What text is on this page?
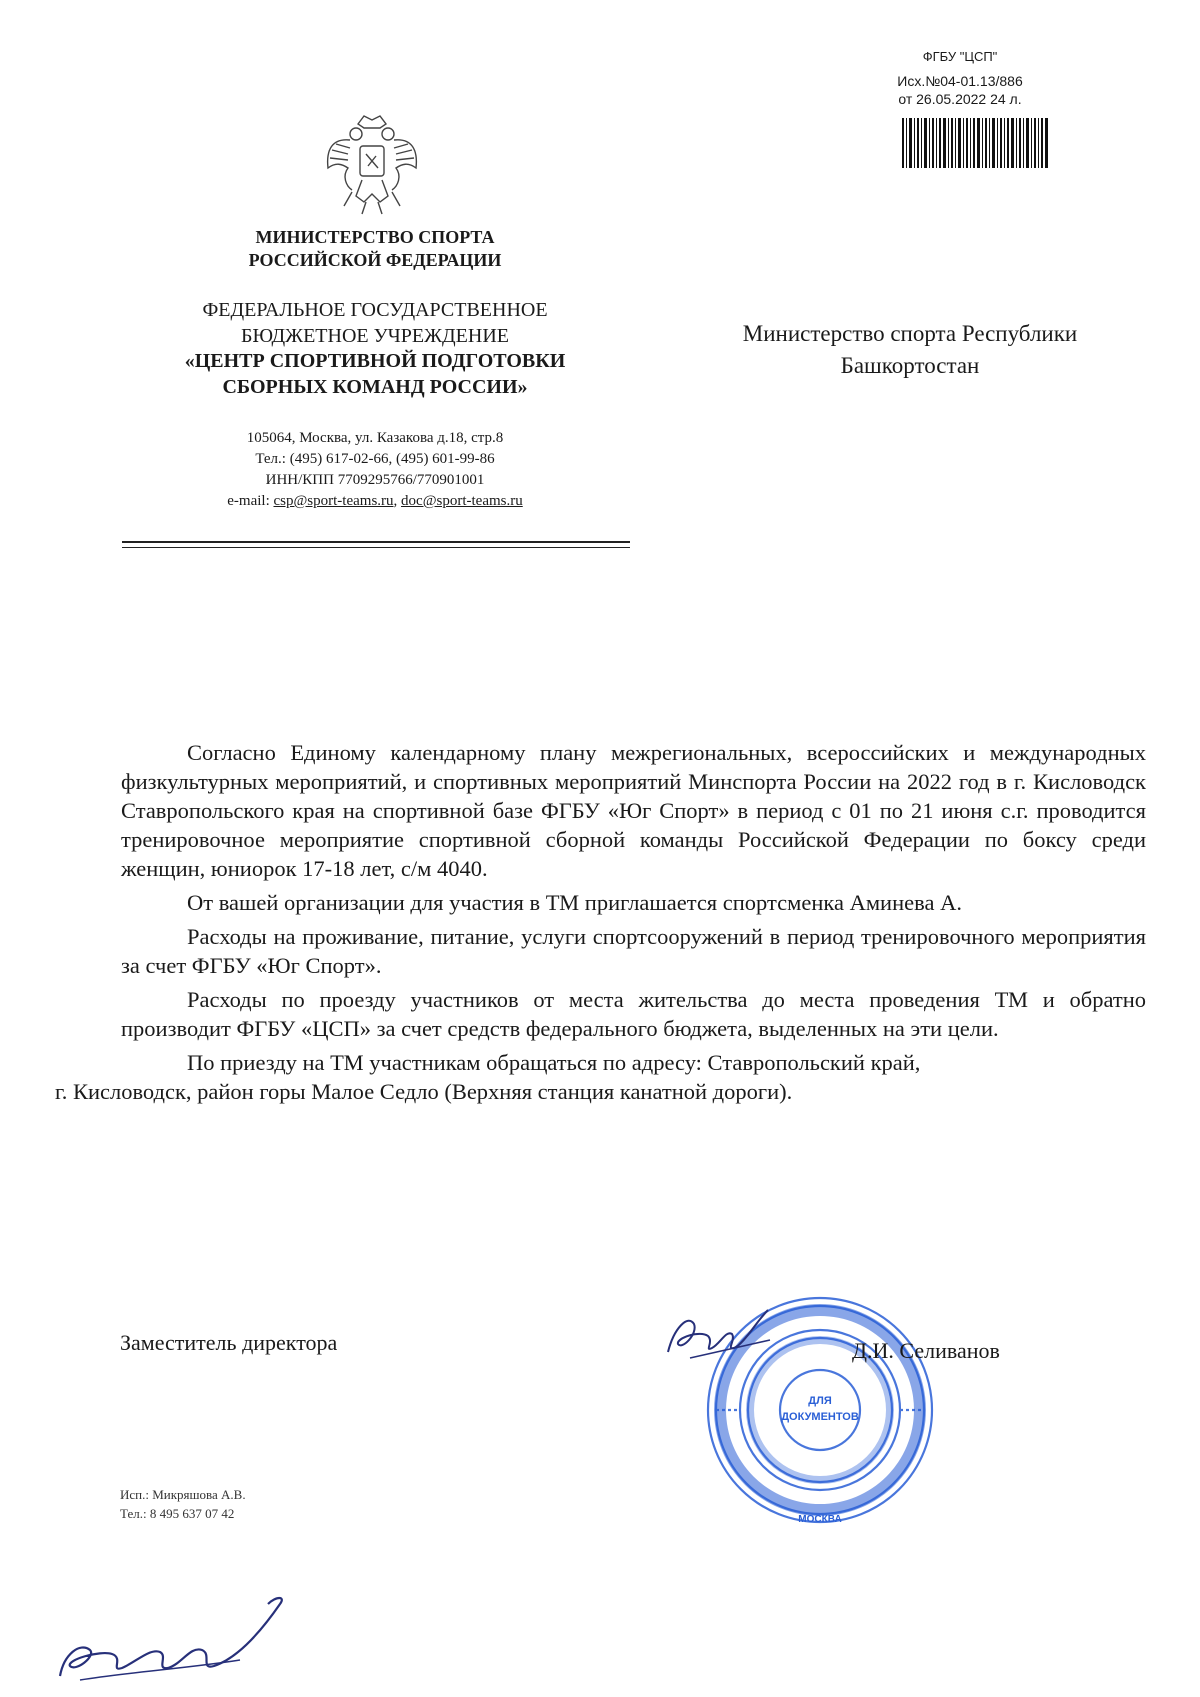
ФГБУ "ЦСП"
Исх.№04-01.13/886
от 26.05.2022 24 л.
МИНИСТЕРСТВО СПОРТА
РОССИЙСКОЙ ФЕДЕРАЦИИ
ФЕДЕРАЛЬНОЕ ГОСУДАРСТВЕННОЕ
БЮДЖЕТНОЕ УЧРЕЖДЕНИЕ
«ЦЕНТР СПОРТИВНОЙ ПОДГОТОВКИ
СБОРНЫХ КОМАНД РОССИИ»
105064, Москва, ул. Казакова д.18, стр.8
Тел.: (495) 617-02-66, (495) 601-99-86
ИНН/КПП 7709295766/770901001
e-mail: csp@sport-teams.ru, doc@sport-teams.ru
Министерство спорта Республики
Башкортостан

Согласно Единому календарному плану межрегиональных, всероссийских и международных физкультурных мероприятий, и спортивных мероприятий Минспорта России на 2022 год в г. Кисловодск Ставропольского края на спортивной базе ФГБУ «Юг Спорт» в период с 01 по 21 июня с.г. проводится тренировочное мероприятие спортивной сборной команды Российской Федерации по боксу среди женщин, юниорок 17-18 лет, с/м 4040.

От вашей организации для участия в ТМ приглашается спортсменка Аминева А.

Расходы на проживание, питание, услуги спортсооружений в период тренировочного мероприятия за счет ФГБУ «Юг Спорт».

Расходы по проезду участников от места жительства до места проведения ТМ и обратно производит ФГБУ «ЦСП» за счет средств федерального бюджета, выделенных на эти цели.

По приезду на ТМ участникам обращаться по адресу: Ставропольский край,
г. Кисловодск, район горы Малое Седло (Верхняя станция канатной дороги).

Заместитель директора
ДЛЯ
ДОКУМЕНТОВ
МОСКВА
Д.И. Селиванов
Исп.: Микряшова А.В.
Тел.: 8 495 637 07 42
